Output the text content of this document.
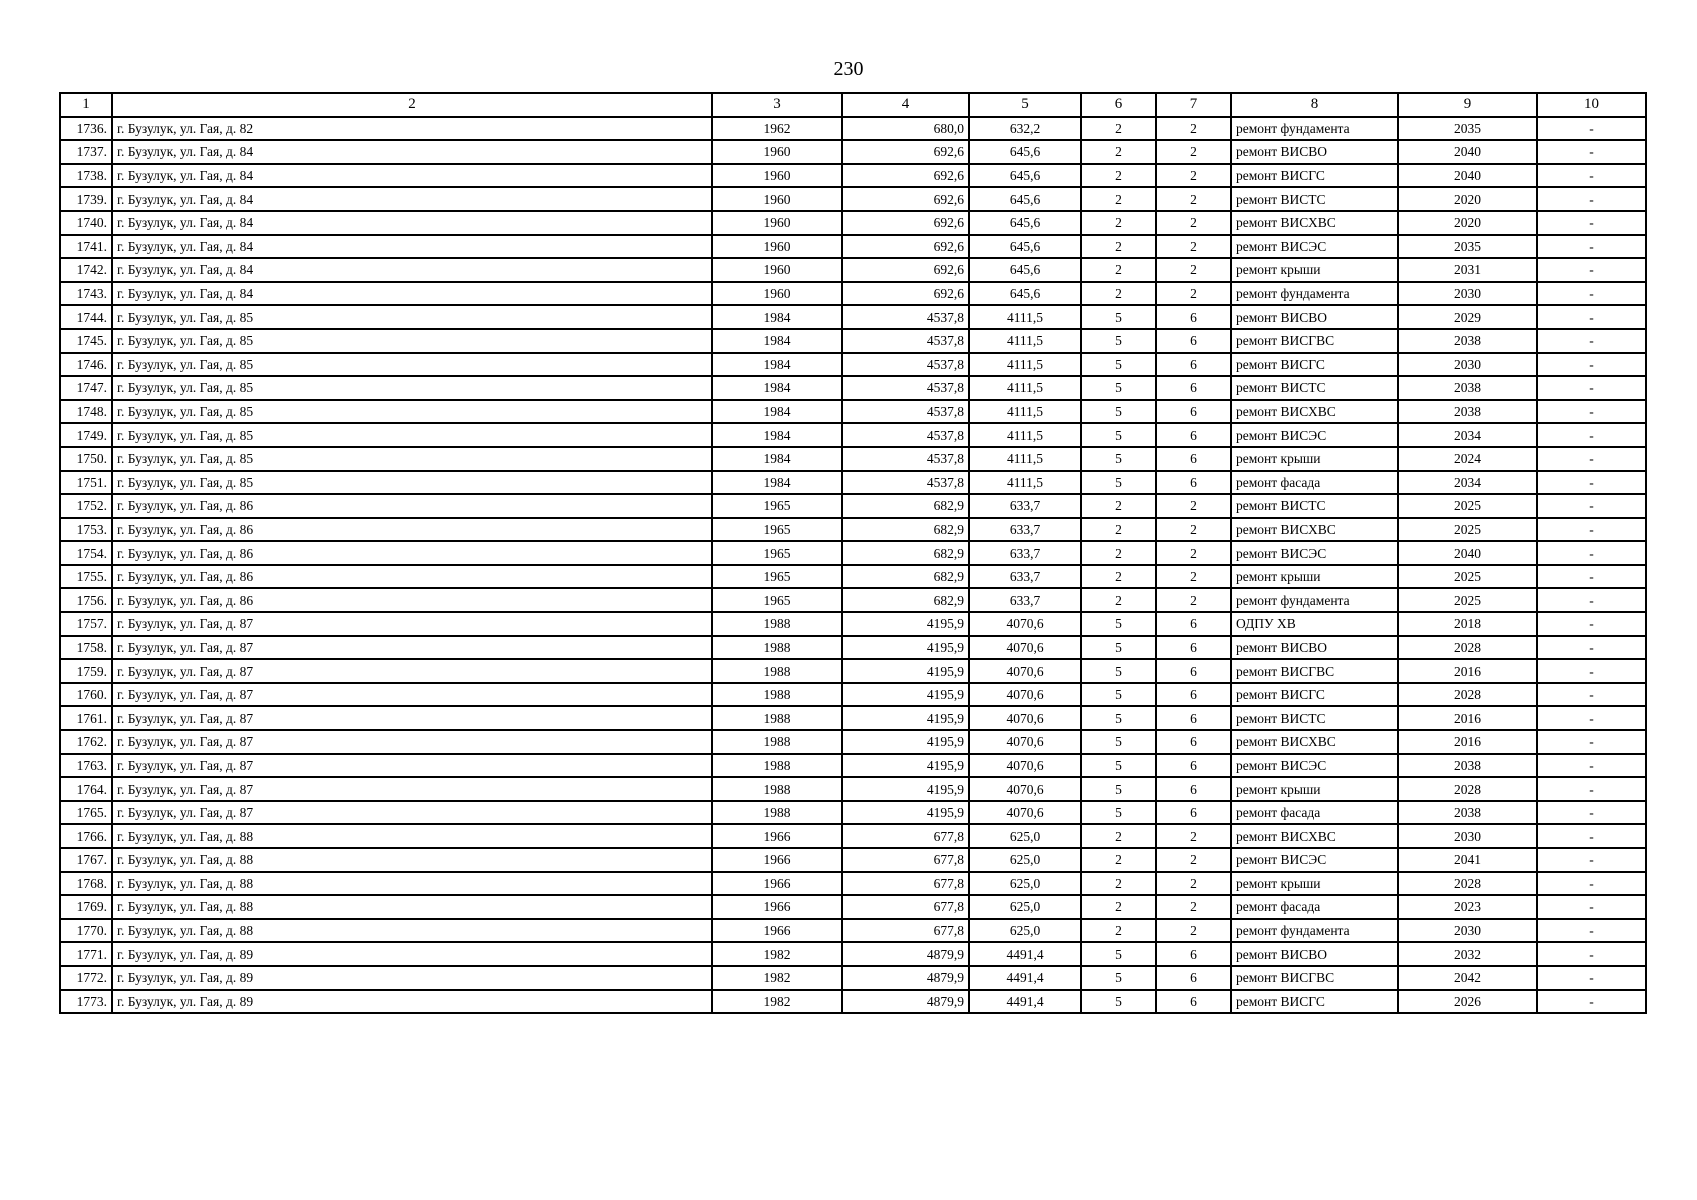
230
1	2	3	4	5	6	7	8	9	10
1736.	г. Бузулук, ул. Гая, д. 82	1962	680,0	632,2	2	2	ремонт фундамента	2035	-
1737.	г. Бузулук, ул. Гая, д. 84	1960	692,6	645,6	2	2	ремонт ВИСВО	2040	-
1738.	г. Бузулук, ул. Гая, д. 84	1960	692,6	645,6	2	2	ремонт ВИСГС	2040	-
1739.	г. Бузулук, ул. Гая, д. 84	1960	692,6	645,6	2	2	ремонт ВИСТС	2020	-
1740.	г. Бузулук, ул. Гая, д. 84	1960	692,6	645,6	2	2	ремонт ВИСХВС	2020	-
1741.	г. Бузулук, ул. Гая, д. 84	1960	692,6	645,6	2	2	ремонт ВИСЭС	2035	-
1742.	г. Бузулук, ул. Гая, д. 84	1960	692,6	645,6	2	2	ремонт крыши	2031	-
1743.	г. Бузулук, ул. Гая, д. 84	1960	692,6	645,6	2	2	ремонт фундамента	2030	-
1744.	г. Бузулук, ул. Гая, д. 85	1984	4537,8	4111,5	5	6	ремонт ВИСВО	2029	-
1745.	г. Бузулук, ул. Гая, д. 85	1984	4537,8	4111,5	5	6	ремонт ВИСГВС	2038	-
1746.	г. Бузулук, ул. Гая, д. 85	1984	4537,8	4111,5	5	6	ремонт ВИСГС	2030	-
1747.	г. Бузулук, ул. Гая, д. 85	1984	4537,8	4111,5	5	6	ремонт ВИСТС	2038	-
1748.	г. Бузулук, ул. Гая, д. 85	1984	4537,8	4111,5	5	6	ремонт ВИСХВС	2038	-
1749.	г. Бузулук, ул. Гая, д. 85	1984	4537,8	4111,5	5	6	ремонт ВИСЭС	2034	-
1750.	г. Бузулук, ул. Гая, д. 85	1984	4537,8	4111,5	5	6	ремонт крыши	2024	-
1751.	г. Бузулук, ул. Гая, д. 85	1984	4537,8	4111,5	5	6	ремонт фасада	2034	-
1752.	г. Бузулук, ул. Гая, д. 86	1965	682,9	633,7	2	2	ремонт ВИСТС	2025	-
1753.	г. Бузулук, ул. Гая, д. 86	1965	682,9	633,7	2	2	ремонт ВИСХВС	2025	-
1754.	г. Бузулук, ул. Гая, д. 86	1965	682,9	633,7	2	2	ремонт ВИСЭС	2040	-
1755.	г. Бузулук, ул. Гая, д. 86	1965	682,9	633,7	2	2	ремонт крыши	2025	-
1756.	г. Бузулук, ул. Гая, д. 86	1965	682,9	633,7	2	2	ремонт фундамента	2025	-
1757.	г. Бузулук, ул. Гая, д. 87	1988	4195,9	4070,6	5	6	ОДПУ ХВ	2018	-
1758.	г. Бузулук, ул. Гая, д. 87	1988	4195,9	4070,6	5	6	ремонт ВИСВО	2028	-
1759.	г. Бузулук, ул. Гая, д. 87	1988	4195,9	4070,6	5	6	ремонт ВИСГВС	2016	-
1760.	г. Бузулук, ул. Гая, д. 87	1988	4195,9	4070,6	5	6	ремонт ВИСГС	2028	-
1761.	г. Бузулук, ул. Гая, д. 87	1988	4195,9	4070,6	5	6	ремонт ВИСТС	2016	-
1762.	г. Бузулук, ул. Гая, д. 87	1988	4195,9	4070,6	5	6	ремонт ВИСХВС	2016	-
1763.	г. Бузулук, ул. Гая, д. 87	1988	4195,9	4070,6	5	6	ремонт ВИСЭС	2038	-
1764.	г. Бузулук, ул. Гая, д. 87	1988	4195,9	4070,6	5	6	ремонт крыши	2028	-
1765.	г. Бузулук, ул. Гая, д. 87	1988	4195,9	4070,6	5	6	ремонт фасада	2038	-
1766.	г. Бузулук, ул. Гая, д. 88	1966	677,8	625,0	2	2	ремонт ВИСХВС	2030	-
1767.	г. Бузулук, ул. Гая, д. 88	1966	677,8	625,0	2	2	ремонт ВИСЭС	2041	-
1768.	г. Бузулук, ул. Гая, д. 88	1966	677,8	625,0	2	2	ремонт крыши	2028	-
1769.	г. Бузулук, ул. Гая, д. 88	1966	677,8	625,0	2	2	ремонт фасада	2023	-
1770.	г. Бузулук, ул. Гая, д. 88	1966	677,8	625,0	2	2	ремонт фундамента	2030	-
1771.	г. Бузулук, ул. Гая, д. 89	1982	4879,9	4491,4	5	6	ремонт ВИСВО	2032	-
1772.	г. Бузулук, ул. Гая, д. 89	1982	4879,9	4491,4	5	6	ремонт ВИСГВС	2042	-
1773.	г. Бузулук, ул. Гая, д. 89	1982	4879,9	4491,4	5	6	ремонт ВИСГС	2026	-
